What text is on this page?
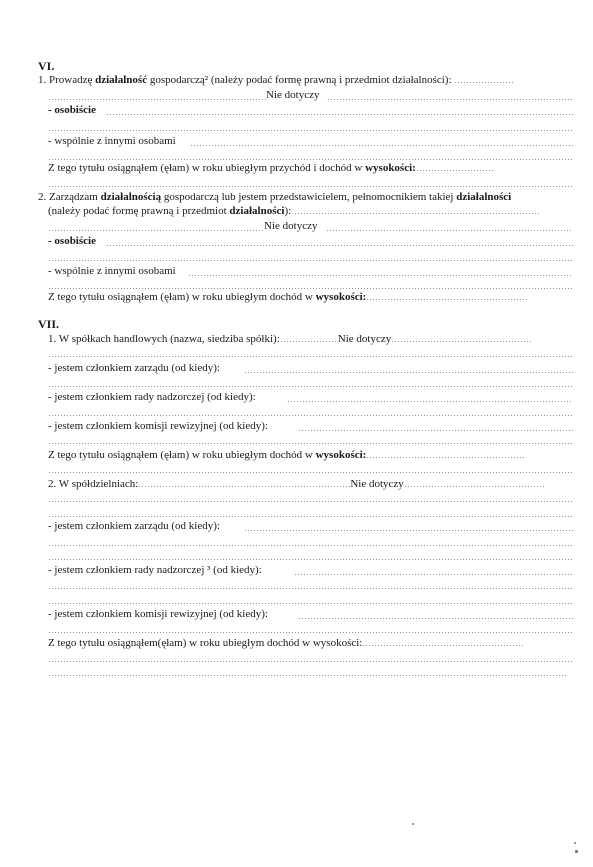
VI.
1. Prowadzę działalność gospodarczą² (należy podać formę prawną i przedmiot działalności):
Nie dotyczy
- osobiście
- wspólnie z innymi osobami
Z tego tytułu osiągnąłem (ęłam) w roku ubiegłym przychód i dochód w wysokości:
2. Zarządzam działalnością gospodarczą lub jestem przedstawicielem, pełnomocnikiem takiej działalności
(należy podać formę prawną i przedmiot działalności):
Nie dotyczy
- osobiście
- wspólnie z innymi osobami
Z tego tytułu osiągnąłem (ęłam) w roku ubiegłym dochód w wysokości:
VII.
1. W spółkach handlowych (nazwa, siedziba spółki):	Nie dotyczy
- jestem członkiem zarządu (od kiedy):
- jestem członkiem rady nadzorczej (od kiedy):
- jestem członkiem komisji rewizyjnej (od kiedy):
Z tego tytułu osiągnąłem (ęłam) w roku ubiegłym dochód w wysokości:
2. W spółdzielniach:	Nie dotyczy
- jestem członkiem zarządu (od kiedy):
- jestem członkiem rady nadzorczej ³ (od kiedy):
- jestem członkiem komisji rewizyjnej (od kiedy):
Z tego tytułu osiągnąłem(ęłam) w roku ubiegłym dochód w wysokości:
